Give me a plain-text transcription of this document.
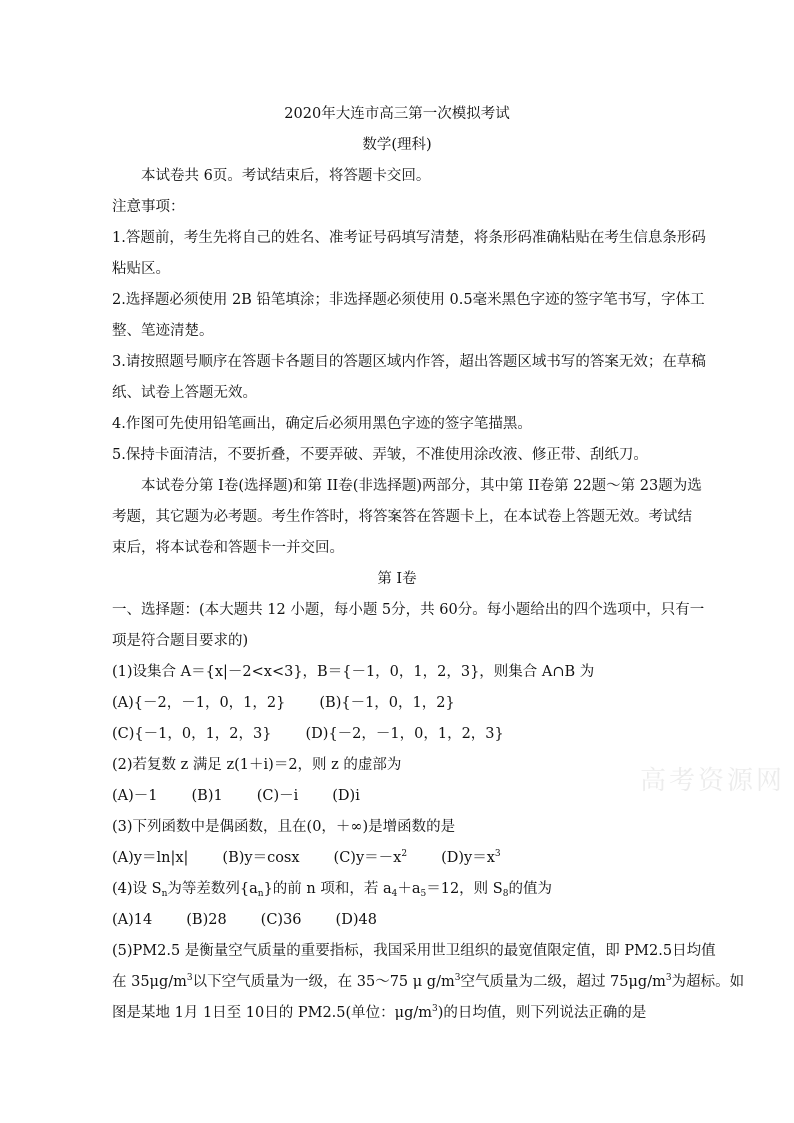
2020年大连市高三第一次模拟考试
数学(理科)
本试卷共 6页。考试结束后，将答题卡交回。
注意事项：
1.答题前，考生先将自己的姓名、准考证号码填写清楚，将条形码准确粘贴在考生信息条形码
粘贴区。
2.选择题必须使用 2B 铅笔填涂；非选择题必须使用 0.5毫米黑色字迹的签字笔书写，字体工
整、笔迹清楚。
3.请按照题号顺序在答题卡各题目的答题区域内作答，超出答题区域书写的答案无效；在草稿
纸、试卷上答题无效。
4.作图可先使用铅笔画出，确定后必须用黑色字迹的签字笔描黑。
5.保持卡面清洁，不要折叠，不要弄破、弄皱，不准使用涂改液、修正带、刮纸刀。
本试卷分第 I卷(选择题)和第 II卷(非选择题)两部分，其中第 II卷第 22题～第 23题为选
考题，其它题为必考题。考生作答时，将答案答在答题卡上，在本试卷上答题无效。考试结
束后，将本试卷和答题卡一并交回。
第 I卷
一、选择题：(本大题共 12 小题，每小题 5分，共 60分。每小题给出的四个选项中，只有一
项是符合题目要求的)
(1)设集合 A＝{x|－2<x<3}，B＝{－1，0，1，2，3}，则集合 A∩B 为
(A){－2，－1，0，1，2} (B){－1，0，1，2}
(C){－1，0，1，2，3} (D){－2，－1，0，1，2，3}
(2)若复数 z 满足 z(1＋i)＝2，则 z 的虚部为
(A)－1 (B)1 (C)－i (D)i
(3)下列函数中是偶函数，且在(0，＋∞)是增函数的是
(A)y＝ln|x| (B)y＝cosx $(C)y=-x^2$ $(D)y=x^3$
(4)设 $S_n$为等差数列$\{a_n\}$的前 n 项和，若 $a_4+a_5=12$，则 $S_8$的值为
(A)14 (B)28 (C)36 (D)48
(5)PM2.5 是衡量空气质量的重要指标，我国采用世卫组织的最宽值限定值，即 PM2.5日均值
在 $35\mu g/m^3$以下空气质量为一级，在 35～75 μ $g/m^3$空气质量为二级，超过 $75\mu g/m^3$为超标。如
图是某地 1月 1日至 10日的 PM2.5(单位：$\mu g/m^3$)的日均值，则下列说法正确的是
高考资源网
